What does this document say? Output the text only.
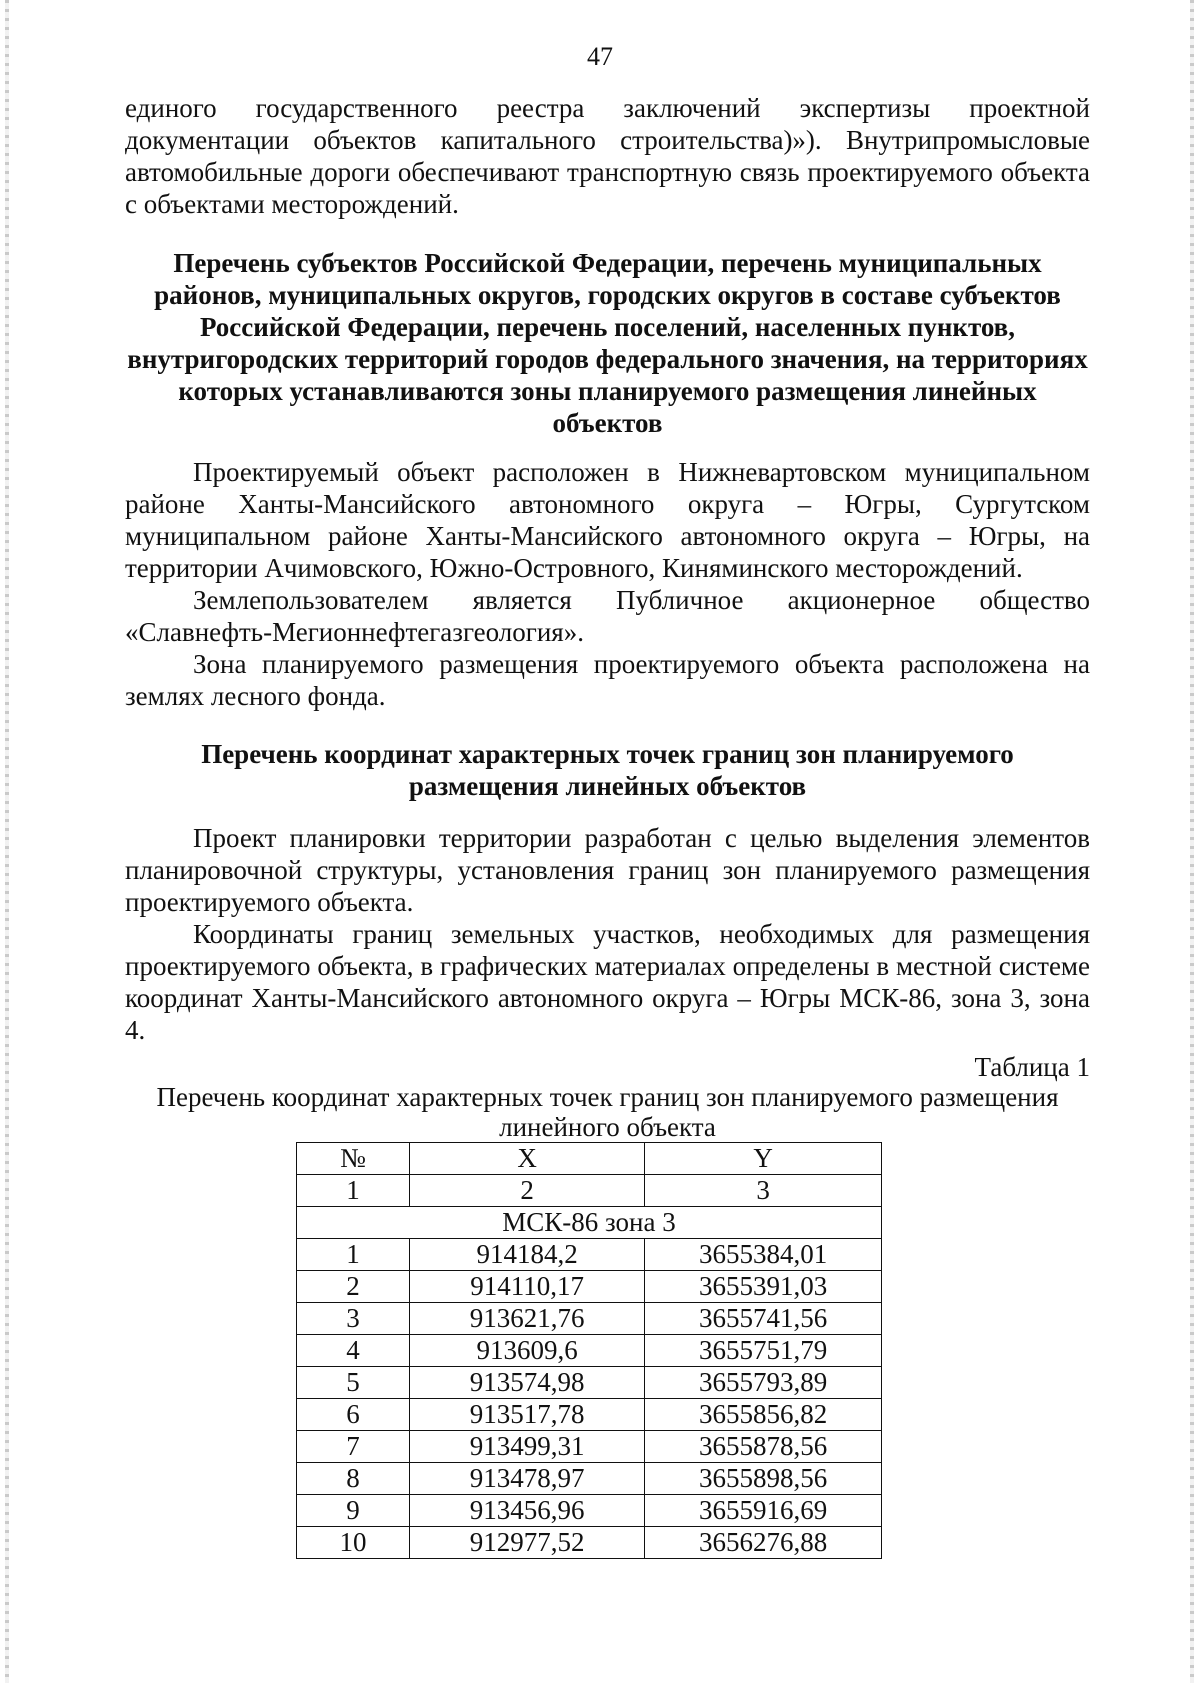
47

единого государственного реестра заключений экспертизы проектной документации объектов капитального строительства)»). Внутрипромысловые автомобильные дороги обеспечивают транспортную связь проектируемого объекта с объектами месторождений.

Перечень субъектов Российской Федерации, перечень муниципальных районов, муниципальных округов, городских округов в составе субъектов Российской Федерации, перечень поселений, населенных пунктов, внутригородских территорий городов федерального значения, на территориях которых устанавливаются зоны планируемого размещения линейных объектов

Проектируемый объект расположен в Нижневартовском муниципальном районе Ханты-Мансийского автономного округа – Югры, Сургутском муниципальном районе Ханты-Мансийского автономного округа – Югры, на территории Ачимовского, Южно-Островного, Киняминского месторождений.

Землепользователем является Публичное акционерное общество «Славнефть-Мегионнефтегазгеология».

Зона планируемого размещения проектируемого объекта расположена на землях лесного фонда.

Перечень координат характерных точек границ зон планируемого размещения линейных объектов

Проект планировки территории разработан с целью выделения элементов планировочной структуры, установления границ зон планируемого размещения проектируемого объекта.

Координаты границ земельных участков, необходимых для размещения проектируемого объекта, в графических материалах определены в местной системе координат Ханты-Мансийского автономного округа – Югры МСК-86, зона 3, зона 4.

Таблица 1

Перечень координат характерных точек границ зон планируемого размещения линейного объекта

№	X	Y
1	2	3
МСК-86 зона 3		
1	914184,2	3655384,01
2	914110,17	3655391,03
3	913621,76	3655741,56
4	913609,6	3655751,79
5	913574,98	3655793,89
6	913517,78	3655856,82
7	913499,31	3655878,56
8	913478,97	3655898,56
9	913456,96	3655916,69
10	912977,52	3656276,88
